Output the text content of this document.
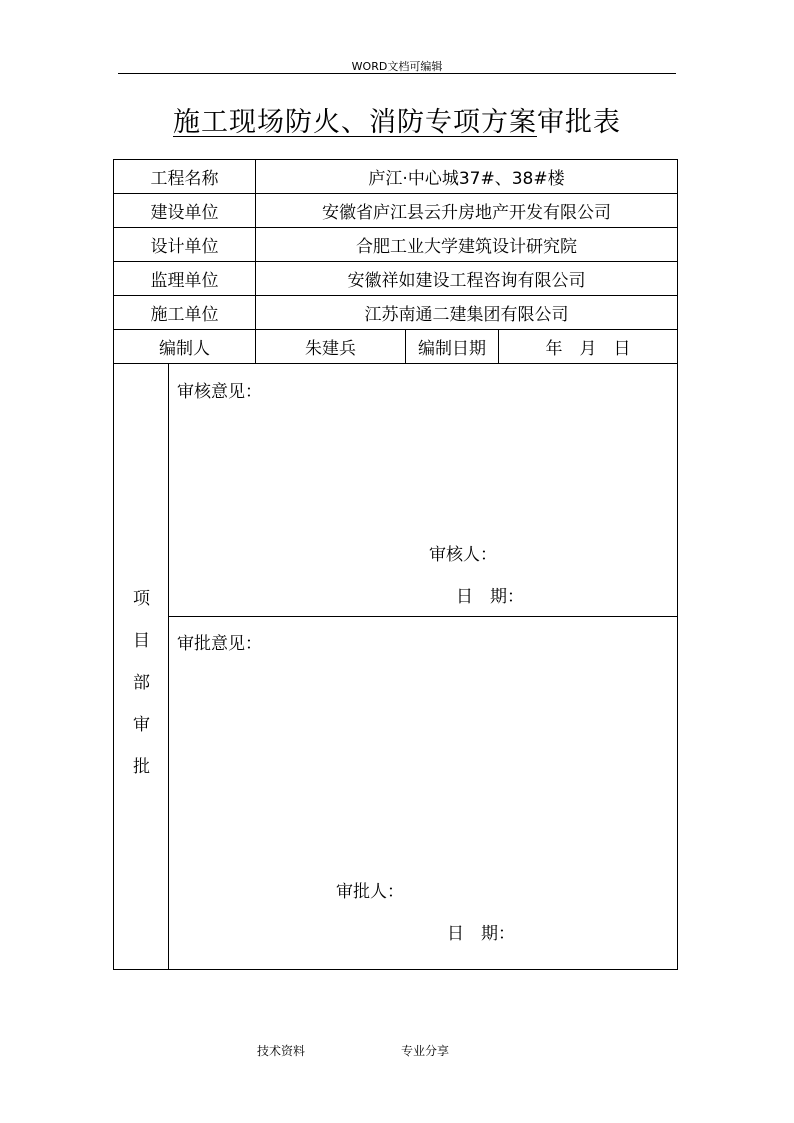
WORD文档可编辑
施工现场防火、消防专项方案审批表
工程名称	庐江·中心城37#、38#楼
建设单位	安徽省庐江县云升房地产开发有限公司
设计单位	合肥工业大学建筑设计研究院
监理单位	安徽祥如建设工程咨询有限公司
施工单位	江苏南通二建集团有限公司
编制人	朱建兵	编制日期	年　月　日
项
目
部
审
批
审核意见：
审核人：
日　期：
审批意见：
审批人：
日　期：
技术资料	专业分享
